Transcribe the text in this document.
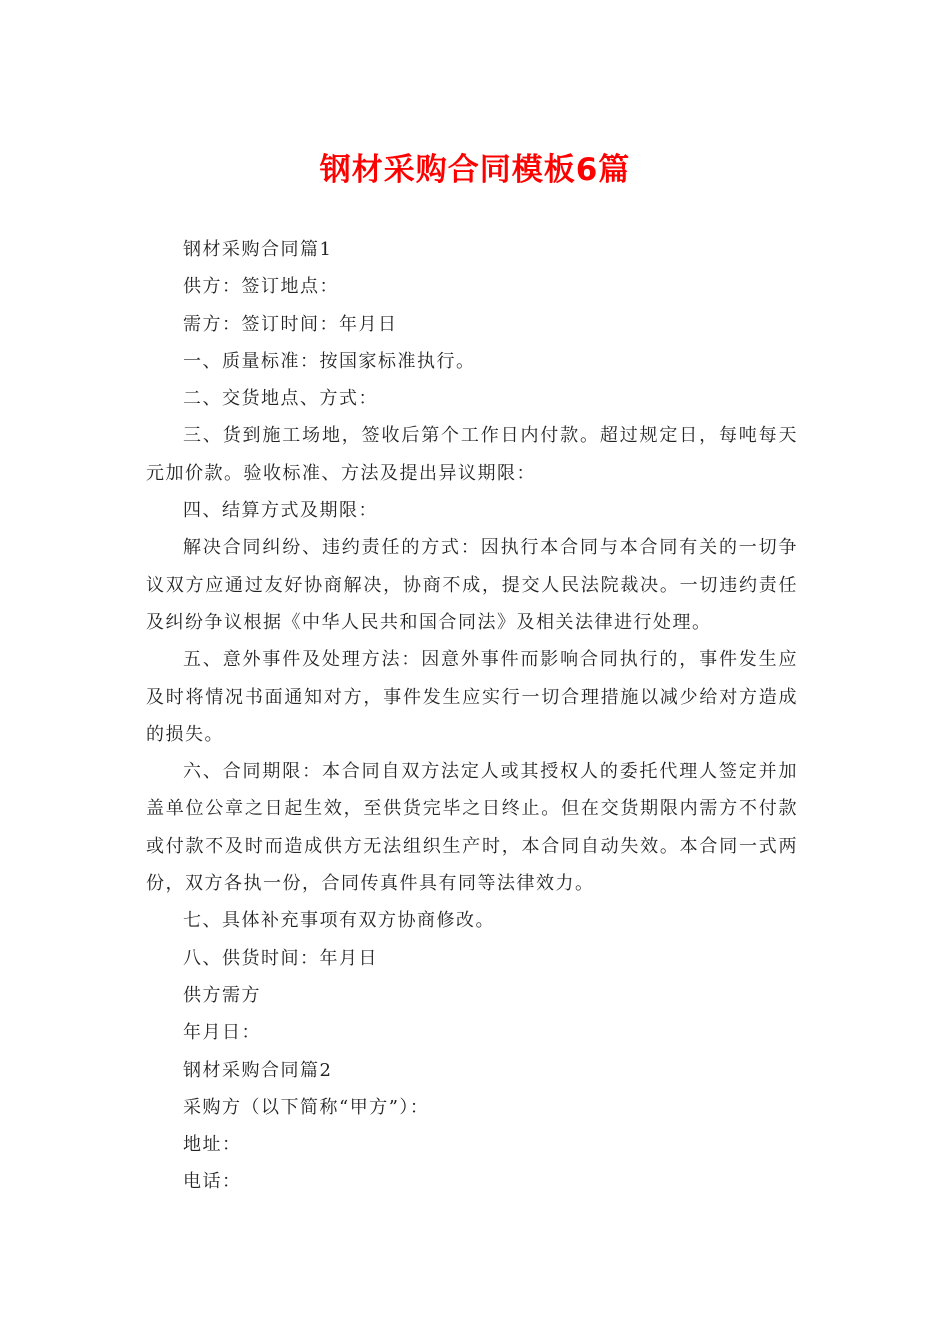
钢材采购合同模板6篇

钢材采购合同篇1

供方：签订地点：

需方：签订时间：年月日

一、质量标准：按国家标准执行。

二、交货地点、方式：

三、货到施工场地，签收后第个工作日内付款。超过规定日，每吨每天元加价款。验收标准、方法及提出异议期限：

四、结算方式及期限：

解决合同纠纷、违约责任的方式：因执行本合同与本合同有关的一切争议双方应通过友好协商解决，协商不成，提交人民法院裁决。一切违约责任及纠纷争议根据《中华人民共和国合同法》及相关法律进行处理。

五、意外事件及处理方法：因意外事件而影响合同执行的，事件发生应及时将情况书面通知对方，事件发生应实行一切合理措施以减少给对方造成的损失。

六、合同期限：本合同自双方法定人或其授权人的委托代理人签定并加盖单位公章之日起生效，至供货完毕之日终止。但在交货期限内需方不付款或付款不及时而造成供方无法组织生产时，本合同自动失效。本合同一式两份，双方各执一份，合同传真件具有同等法律效力。

七、具体补充事项有双方协商修改。

八、供货时间：年月日

供方需方

年月日：

钢材采购合同篇2

采购方（以下简称“甲方”）：

地址：

电话：
